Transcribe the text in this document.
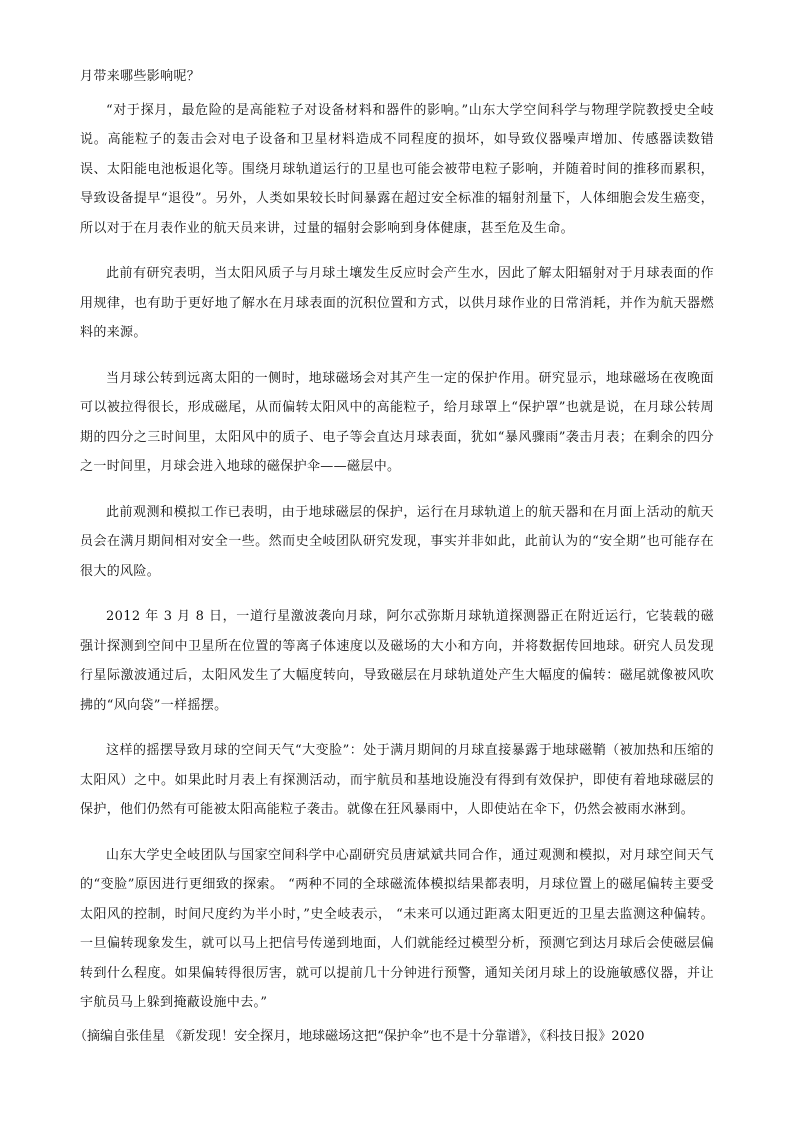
月带来哪些影响呢？

“对于探月，最危险的是高能粒子对设备材料和器件的影响。”山东大学空间科学与物理学院教授史全岐说。高能粒子的轰击会对电子设备和卫星材料造成不同程度的损坏，如导致仪器噪声增加、传感器读数错误、太阳能电池板退化等。围绕月球轨道运行的卫星也可能会被带电粒子影响，并随着时间的推移而累积，导致设备提早“退役”。另外，人类如果较长时间暴露在超过安全标准的辐射剂量下，人体细胞会发生癌变，所以对于在月表作业的航天员来讲，过量的辐射会影响到身体健康，甚至危及生命。

此前有研究表明，当太阳风质子与月球土壤发生反应时会产生水，因此了解太阳辐射对于月球表面的作用规律，也有助于更好地了解水在月球表面的沉积位置和方式，以供月球作业的日常消耗，并作为航天器燃料的来源。

当月球公转到远离太阳的一侧时，地球磁场会对其产生一定的保护作用。研究显示，地球磁场在夜晚面可以被拉得很长，形成磁尾，从而偏转太阳风中的高能粒子，给月球罩上“保护罩”也就是说，在月球公转周期的四分之三时间里，太阳风中的质子、电子等会直达月球表面，犹如“暴风骤雨”袭击月表；在剩余的四分之一时间里，月球会进入地球的磁保护伞——磁层中。

此前观测和模拟工作已表明，由于地球磁层的保护，运行在月球轨道上的航天器和在月面上活动的航天员会在满月期间相对安全一些。然而史全岐团队研究发现，事实并非如此，此前认为的“安全期”也可能存在很大的风险。

2012 年 3 月 8 日，一道行星激波袭向月球，阿尔忒弥斯月球轨道探测器正在附近运行，它装载的磁强计探测到空间中卫星所在位置的等离子体速度以及磁场的大小和方向，并将数据传回地球。研究人员发现行星际激波通过后，太阳风发生了大幅度转向，导致磁层在月球轨道处产生大幅度的偏转：磁尾就像被风吹拂的“风向袋”一样摇摆。

这样的摇摆导致月球的空间天气“大变脸”：处于满月期间的月球直接暴露于地球磁鞘（被加热和压缩的太阳风）之中。如果此时月表上有探测活动，而宇航员和基地设施没有得到有效保护，即使有着地球磁层的保护，他们仍然有可能被太阳高能粒子袭击。就像在狂风暴雨中，人即使站在伞下，仍然会被雨水淋到。

山东大学史全岐团队与国家空间科学中心副研究员唐斌斌共同合作，通过观测和模拟，对月球空间天气的“变脸”原因进行更细致的探索。 “两种不同的全球磁流体模拟结果都表明，月球位置上的磁尾偏转主要受太阳风的控制，时间尺度约为半小时，”史全岐表示， “未来可以通过距离太阳更近的卫星去监测这种偏转。 一旦偏转现象发生，就可以马上把信号传递到地面，人们就能经过模型分析，预测它到达月球后会使磁层偏转到什么程度。如果偏转得很厉害，就可以提前几十分钟进行预警，通知关闭月球上的设施敏感仪器，并让宇航员马上躲到掩蔽设施中去。”

（摘编自张佳星 《新发现！安全探月，地球磁场这把“保护伞”也不是十分靠谱》，《科技日报》2020
